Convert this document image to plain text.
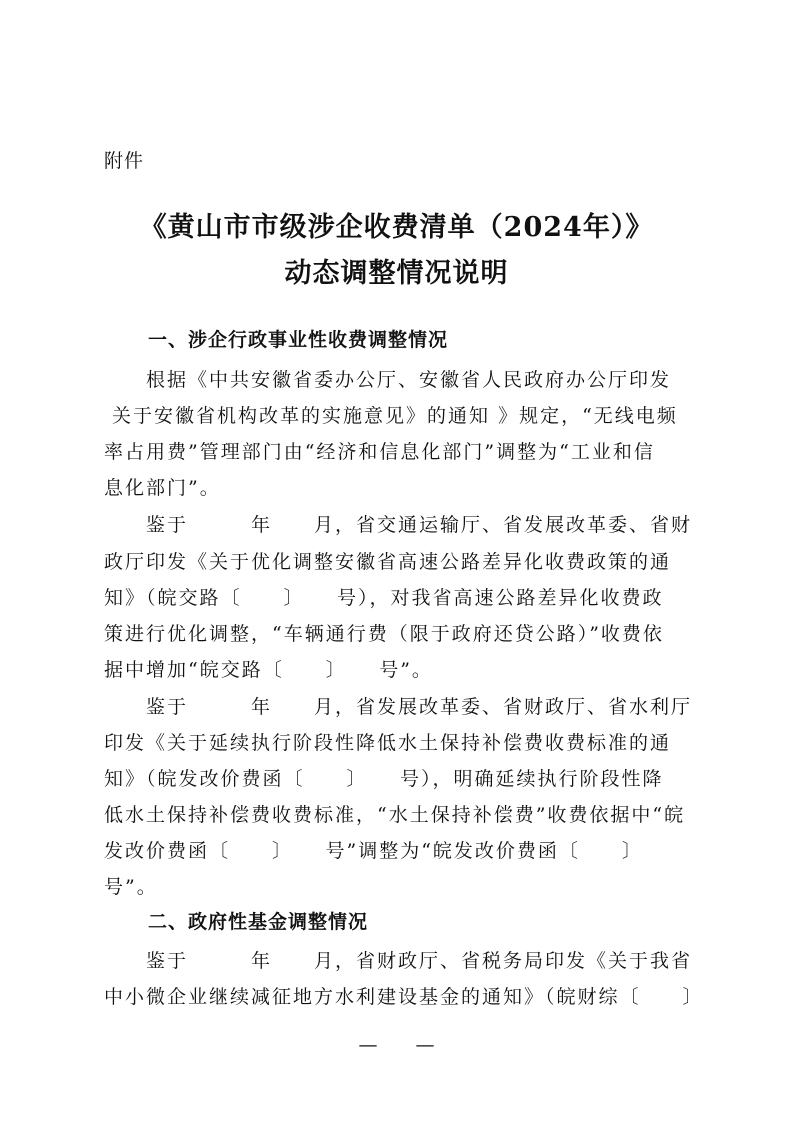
附件
《黄山市市级涉企收费清单（2024年）》
动态调整情况说明
一、涉企行政事业性收费调整情况
　　根据《中共安徽省委办公厅、安徽省人民政府办公厅印发
关于安徽省机构改革的实施意见》的通知 》规定，“无线电频
率占用费”管理部门由“经济和信息化部门”调整为“工业和信
息化部门”。
　　鉴于　　　年　　月，省交通运输厅、省发展改革委、省财
政厅印发《关于优化调整安徽省高速公路差异化收费政策的通
知》（皖交路〔　　〕　　号），对我省高速公路差异化收费政
策进行优化调整，“车辆通行费（限于政府还贷公路）”收费依
据中增加“皖交路〔　　〕　　号”。
　　鉴于　　　年　　月，省发展改革委、省财政厅、省水利厅
印发《关于延续执行阶段性降低水土保持补偿费收费标准的通
知》（皖发改价费函〔　　〕　　号），明确延续执行阶段性降
低水土保持补偿费收费标准，“水土保持补偿费”收费依据中“皖
发改价费函〔　　〕　　号”调整为“皖发改价费函〔　　〕
号”。
二、政府性基金调整情况
　　鉴于　　　年　　月，省财政厅、省税务局印发《关于我省
中小微企业继续减征地方水利建设基金的通知》（皖财综〔　　〕
—　　—
